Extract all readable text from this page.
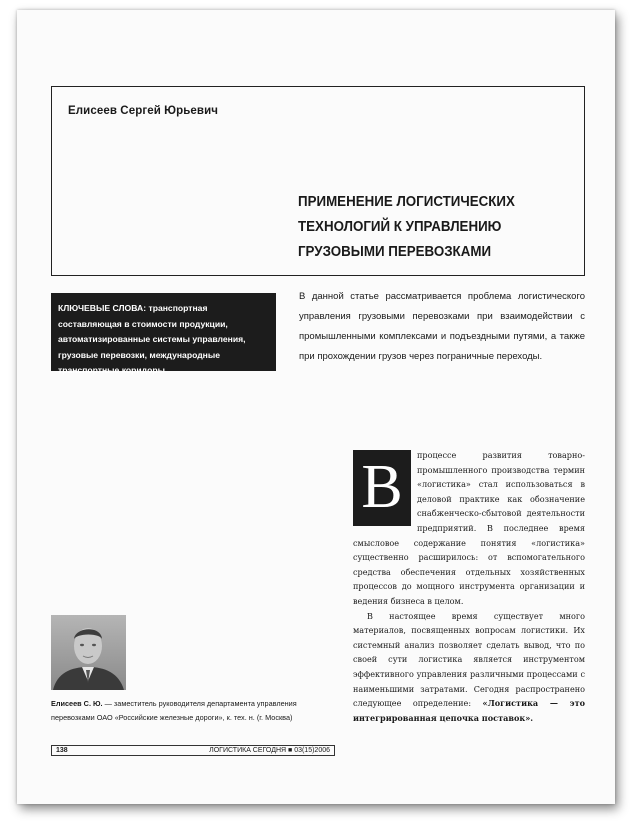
Елисеев Сергей Юрьевич
ПРИМЕНЕНИЕ ЛОГИСТИЧЕСКИХ
ТЕХНОЛОГИЙ К УПРАВЛЕНИЮ
ГРУЗОВЫМИ ПЕРЕВОЗКАМИ
КЛЮЧЕВЫЕ СЛОВА: транспортная составляющая в стоимости продукции, автоматизированные системы управления, грузовые перевозки, международные транспортные коридоры
В данной статье рассматривается проблема логистического управления грузовыми перевозками при взаимодействии с промышленными комплексами и подъездными путями, а также при прохождении грузов через пограничные переходы.
В	процессе развития товарно-промышленного производства термин «логистика» стал использоваться в деловой практике как обозначение снабженческо-сбытовой деятельности предприятий. В последнее время смысловое содержание понятия «логистика» существенно расширилось: от вспомогательного средства обеспечения отдельных хозяйственных процессов до мощного инструмента организации и ведения бизнеса в целом.

В настоящее время существует много материалов, посвященных вопросам логистики. Их системный анализ позволяет сделать вывод, что по своей сути логистика является инструментом эффективного управления различными процессами с наименьшими затратами. Сегодня распространено следующее определение: «Логистика — это интегрированная цепочка поставок».

Елисеев С. Ю. — заместитель руководителя департамента управления перевозками ОАО «Российские железные дороги», к. тех. н. (г. Москва)
138	ЛОГИСТИКА СЕГОДНЯ ■ 03(15)2006
